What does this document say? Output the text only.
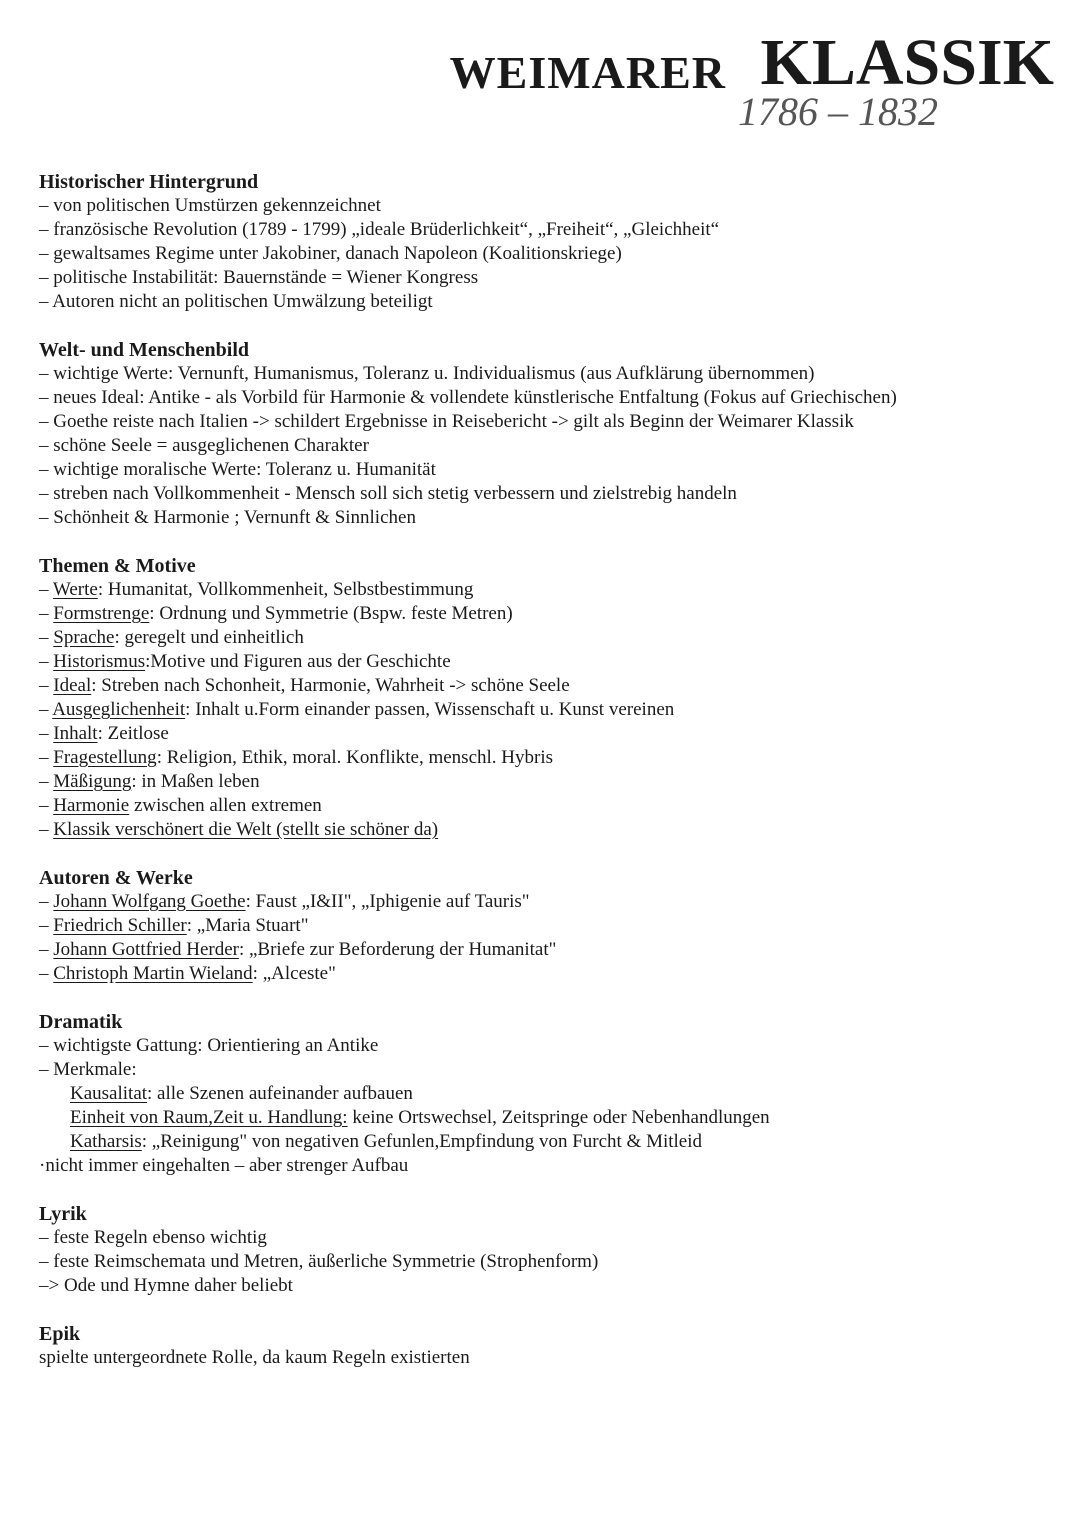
WEIMARER KLASSIK
1786 – 1832
Historischer Hintergrund
– von politischen Umstürzen gekennzeichnet
– französische Revolution (1789 - 1799) „ideale Brüderlichkeit“, „Freiheit“, „Gleichheit“
– gewaltsames Regime unter Jakobiner, danach Napoleon (Koalitionskriege)
– politische Instabilität: Bauernstände = Wiener Kongress
– Autoren nicht an politischen Umwälzung beteiligt
Welt- und Menschenbild
– wichtige Werte: Vernunft, Humanismus, Toleranz u. Individualismus (aus Aufklärung übernommen)
– neues Ideal: Antike - als Vorbild für Harmonie & vollendete künstlerische Entfaltung (Fokus auf Griechischen)
– Goethe reiste nach Italien -> schildert Ergebnisse in Reisebericht -> gilt als Beginn der Weimarer Klassik
– schöne Seele = ausgeglichenen Charakter
– wichtige moralische Werte: Toleranz u. Humanität
– streben nach Vollkommenheit - Mensch soll sich stetig verbessern und zielstrebig handeln
– Schönheit & Harmonie ; Vernunft & Sinnlichen
Themen & Motive
– Werte: Humanitat, Vollkommenheit, Selbstbestimmung
– Formstrenge: Ordnung und Symmetrie (Bspw. feste Metren)
– Sprache: geregelt und einheitlich
– Historismus:Motive und Figuren aus der Geschichte
– Ideal: Streben nach Schonheit, Harmonie, Wahrheit -> schöne Seele
– Ausgeglichenheit: Inhalt u.Form einander passen, Wissenschaft u. Kunst vereinen
– Inhalt: Zeitlose
– Fragestellung: Religion, Ethik, moral. Konflikte, menschl. Hybris
– Mäßigung: in Maßen leben
– Harmonie zwischen allen extremen
– Klassik verschönert die Welt (stellt sie schöner da)
Autoren & Werke
– Johann Wolfgang Goethe: Faust „I&II", „Iphigenie auf Tauris"
– Friedrich Schiller: „Maria Stuart"
– Johann Gottfried Herder: „Briefe zur Beforderung der Humanitat"
– Christoph Martin Wieland: „Alceste"
Dramatik
– wichtigste Gattung: Orientiering an Antike
– Merkmale:
Kausalitat: alle Szenen aufeinander aufbauen
Einheit von Raum,Zeit u. Handlung: keine Ortswechsel, Zeitspringe oder Nebenhandlungen
Katharsis: „Reinigung" von negativen Gefunlen,Empfindung von Furcht & Mitleid
·nicht immer eingehalten – aber strenger Aufbau
Lyrik
– feste Regeln ebenso wichtig
– feste Reimschemata und Metren, äußerliche Symmetrie (Strophenform)
–> Ode und Hymne daher beliebt
Epik
spielte untergeordnete Rolle, da kaum Regeln existierten
